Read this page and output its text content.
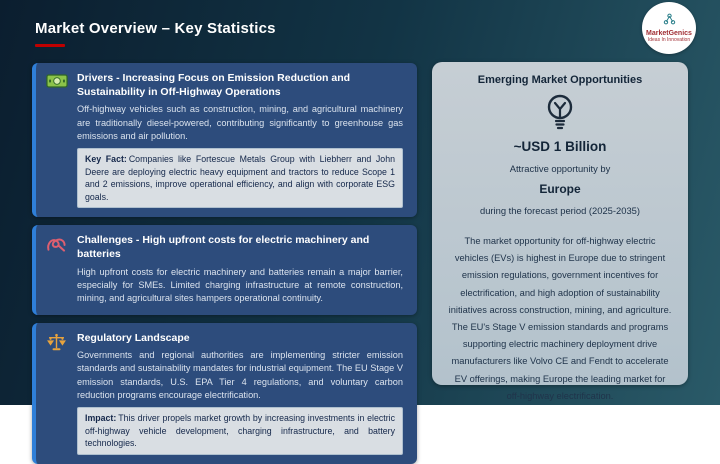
Market Overview – Key Statistics	MarketGenics
Ideas In Innovation
Drivers - Increasing Focus on Emission Reduction and Sustainability in Off-Highway Operations
Off-highway vehicles such as construction, mining, and agricultural machinery are traditionally diesel-powered, contributing significantly to greenhouse gas emissions and air pollution.
Key Fact: Companies like Fortescue Metals Group with Liebherr and John Deere are deploying electric heavy equipment and tractors to reduce Scope 1 and 2 emissions, improve operational efficiency, and align with corporate ESG goals.
Challenges - High upfront costs for electric machinery and batteries
High upfront costs for electric machinery and batteries remain a major barrier, especially for SMEs. Limited charging infrastructure at remote construction, mining, and agricultural sites hampers operational continuity.
Regulatory Landscape
Governments and regional authorities are implementing stricter emission standards and sustainability mandates for industrial equipment. The EU Stage V emission standards, U.S. EPA Tier 4 regulations, and voluntary carbon reduction programs encourage electrification.
Impact: This driver propels market growth by increasing investments in electric off-highway vehicle development, charging infrastructure, and battery technologies.
Emerging Market Opportunities
~USD 1 Billion
Attractive opportunity by
Europe
during the forecast period (2025-2035)
The market opportunity for off-highway electric vehicles (EVs) is highest in Europe due to stringent emission regulations, government incentives for electrification, and high adoption of sustainability initiatives across construction, mining, and agriculture. The EU's Stage V emission standards and programs supporting electric machinery deployment drive manufacturers like Volvo CE and Fendt to accelerate EV offerings, making Europe the leading market for off-highway electrification.
